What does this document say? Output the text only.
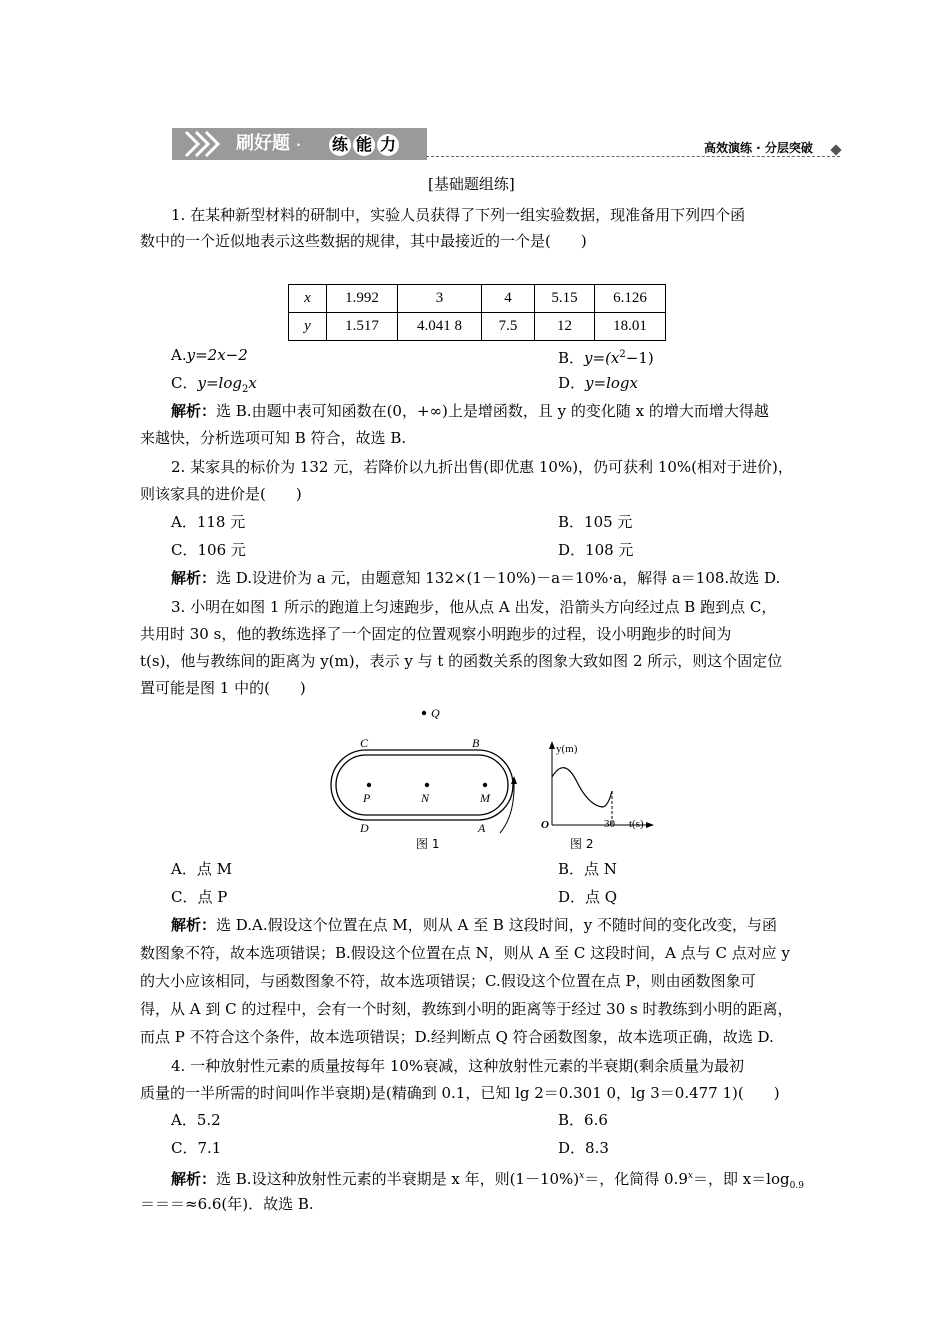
刷好题 · 练 能 力	高效演练 · 分层突破
[基础题组练]
1. 在某种新型材料的研制中，实验人员获得了下列一组实验数据，现准备用下列四个函
数中的一个近似地表示这些数据的规律，其中最接近的一个是(　　)
x	1.992	3	4	5.15	6.126
y	1.517	4.041 8	7.5	12	18.01
A.y=2x−2	B．$y=(x^2-1)$
C．$y=\log_2x$	D．y=logx
解析：选 B.由题中表可知函数在(0，+∞)上是增函数，且 y 的变化随 x 的增大而增大得越
来越快，分析选项可知 B 符合，故选 B.
2. 某家具的标价为 132 元，若降价以九折出售(即优惠 10%)，仍可获利 10%(相对于进价)，
则该家具的进价是(　　)
A．118 元	B．105 元
C．106 元	D．108 元
解析：选 D.设进价为 a 元，由题意知 132×(1－10%)－a＝10%·a，解得 a＝108.故选 D.
3. 小明在如图 1 所示的跑道上匀速跑步，他从点 A 出发，沿箭头方向经过点 B 跑到点 C，
共用时 30 s，他的教练选择了一个固定的位置观察小明跑步的过程，设小明跑步的时间为
t(s)，他与教练间的距离为 y(m)，表示 y 与 t 的函数关系的图象大致如图 2 所示，则这个固定位
置可能是图 1 中的(　　)
Q
C	B
P	N	M
D	A
图 1
y(m)
O	30 t(s)
图 2
A．点 M	B．点 N
C．点 P	D．点 Q
解析：选 D.A.假设这个位置在点 M，则从 A 至 B 这段时间，y 不随时间的变化改变，与函
数图象不符，故本选项错误；B.假设这个位置在点 N，则从 A 至 C 这段时间，A 点与 C 点对应 y
的大小应该相同，与函数图象不符，故本选项错误；C.假设这个位置在点 P，则由函数图象可
得，从 A 到 C 的过程中，会有一个时刻，教练到小明的距离等于经过 30 s 时教练到小明的距离，
而点 P 不符合这个条件，故本选项错误；D.经判断点 Q 符合函数图象，故本选项正确，故选 D.
4. 一种放射性元素的质量按每年 10%衰减，这种放射性元素的半衰期(剩余质量为最初
质量的一半所需的时间叫作半衰期)是(精确到 0.1，已知 lg 2＝0.301 0，lg 3＝0.477 1)(　　)
A．5.2	B．6.6
C．7.1	D．8.3
解析：选 B.设这种放射性元素的半衰期是 x 年，则$(1-10\%)^x=$，化简得 $0.9^x=$，即 $x=\log_{0.9}$
＝＝＝≈6.6(年)．故选 B.
